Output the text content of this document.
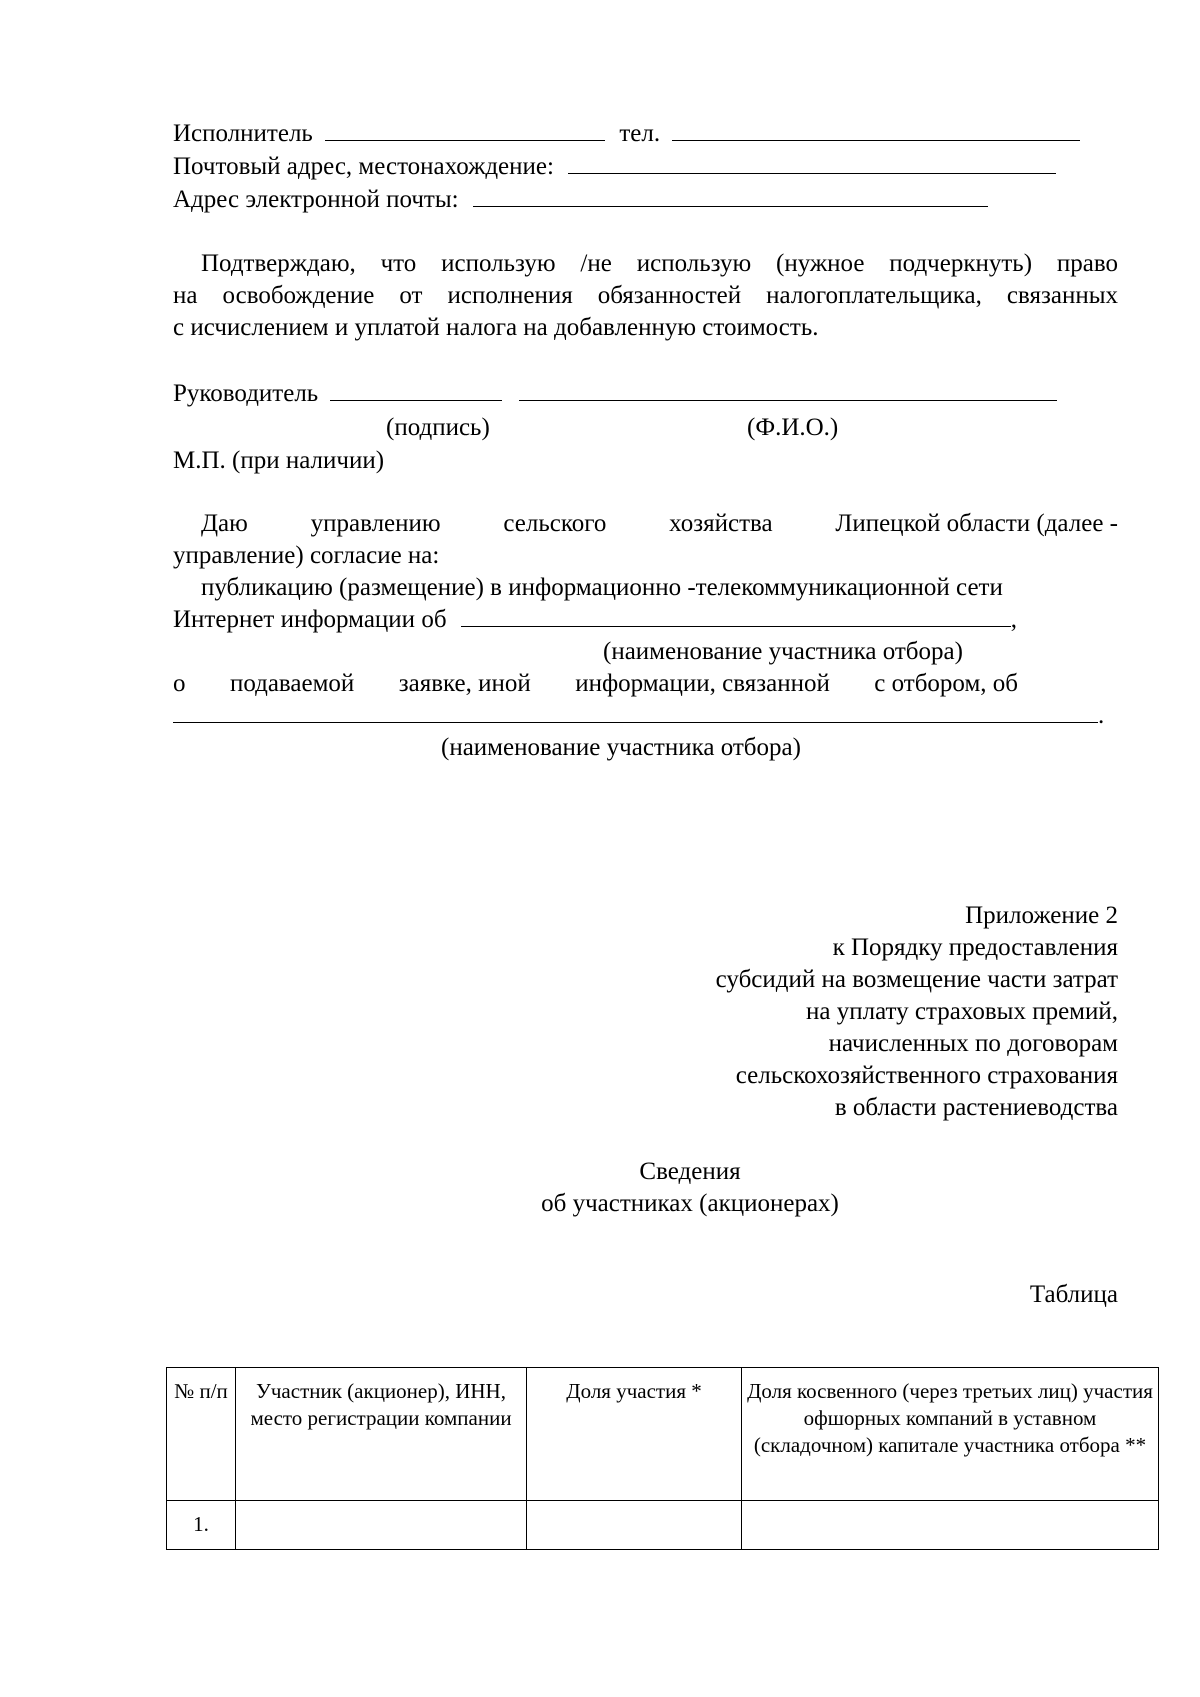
Исполнитель	тел.
Почтовый адрес, местонахождение:
Адрес электронной почты:
Подтверждаю, что использую /не использую (нужное подчеркнуть) право
на освобождение от исполнения обязанностей налогоплательщика, связанных
с исчислением и уплатой налога на добавленную стоимость.
Руководитель
(подпись)	(Ф.И.О.)
М.П. (при наличии)
Даю	управлению	сельского	хозяйства	Липецкой области (далее -
управление) согласие на:
публикацию (размещение) в информационно -телекоммуникационной сети
Интернет информации об	,
(наименование участника отбора)
о подаваемой заявке, иной информации, связанной с отбором, об
.
(наименование участника отбора)
Приложение 2
к Порядку предоставления
субсидий на возмещение части затрат
на уплату страховых премий,
начисленных по договорам
сельскохозяйственного страхования
в области растениеводства
Сведения
об участниках (акционерах)
Таблица
№ п/п	Участник (акционер), ИНН, место регистрации компании	Доля участия *	Доля косвенного (через третьих лиц) участия офшорных компаний в уставном (складочном) капитале участника отбора **
1.			
